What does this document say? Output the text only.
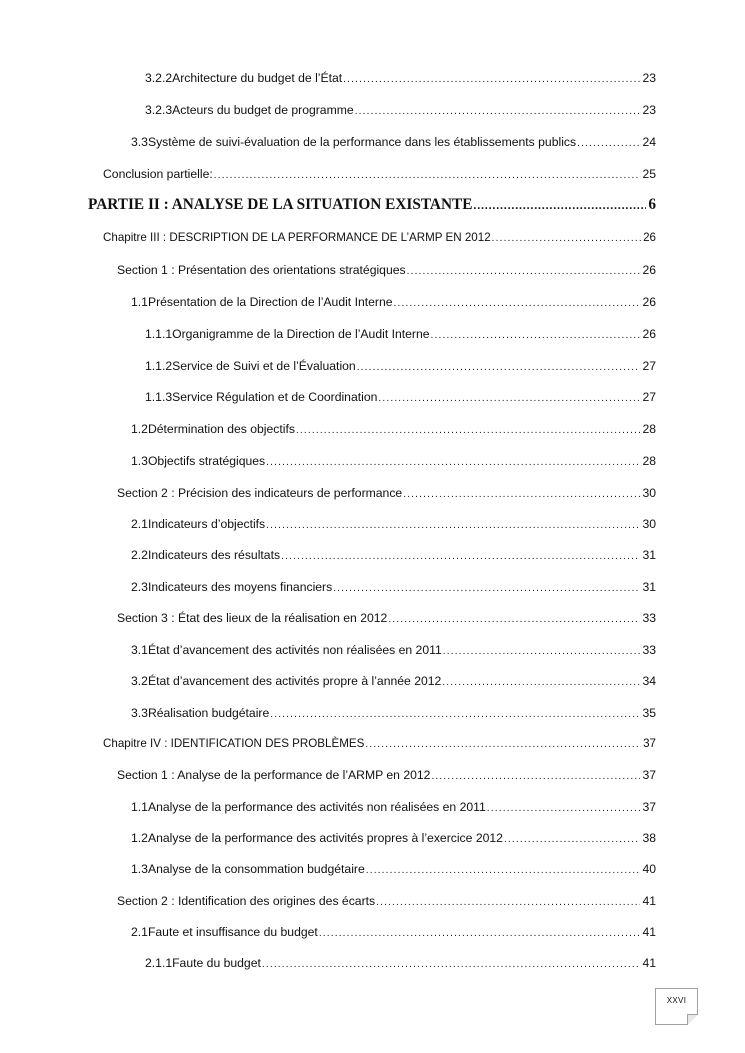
3.2.2 Architecture du budget de l’État .....	23
3.2.3 Acteurs du budget de programme .....	23
3.3 Système de suivi-évaluation de la performance dans les établissements publics .....	24
Conclusion partielle: .....	25
PARTIE II : ANALYSE DE LA SITUATION EXISTANTE .....	6
Chapitre III : DESCRIPTION DE LA PERFORMANCE DE L’ARMP EN 2012 .....	26
Section 1 : Présentation des orientations stratégiques .....	26
1.1 Présentation de la Direction de l’Audit Interne .....	26
1.1.1 Organigramme de la Direction de l’Audit Interne .....	26
1.1.2 Service de Suivi et de l’Évaluation .....	27
1.1.3 Service Régulation et de Coordination .....	27
1.2 Détermination des objectifs .....	28
1.3 Objectifs stratégiques .....	28
Section 2 : Précision des indicateurs de performance .....	30
2.1 Indicateurs d’objectifs .....	30
2.2 Indicateurs des résultats .....	31
2.3 Indicateurs des moyens financiers .....	31
Section 3 : État des lieux de la réalisation en 2012 .....	33
3.1 État d’avancement des activités non réalisées en 2011 .....	33
3.2 État d’avancement des activités propre à l’année 2012 .....	34
3.3 Réalisation budgétaire .....	35
Chapitre IV : IDENTIFICATION DES PROBLÈMES .....	37
Section 1 : Analyse de la performance de l’ARMP en 2012 .....	37
1.1 Analyse de la performance des activités non réalisées en 2011 .....	37
1.2 Analyse de la performance des activités propres à l’exercice 2012 .....	38
1.3 Analyse de la consommation budgétaire .....	40
Section 2 : Identification des origines des écarts .....	41
2.1 Faute et insuffisance du budget .....	41
2.1.1 Faute du budget .....	41
XXVI
